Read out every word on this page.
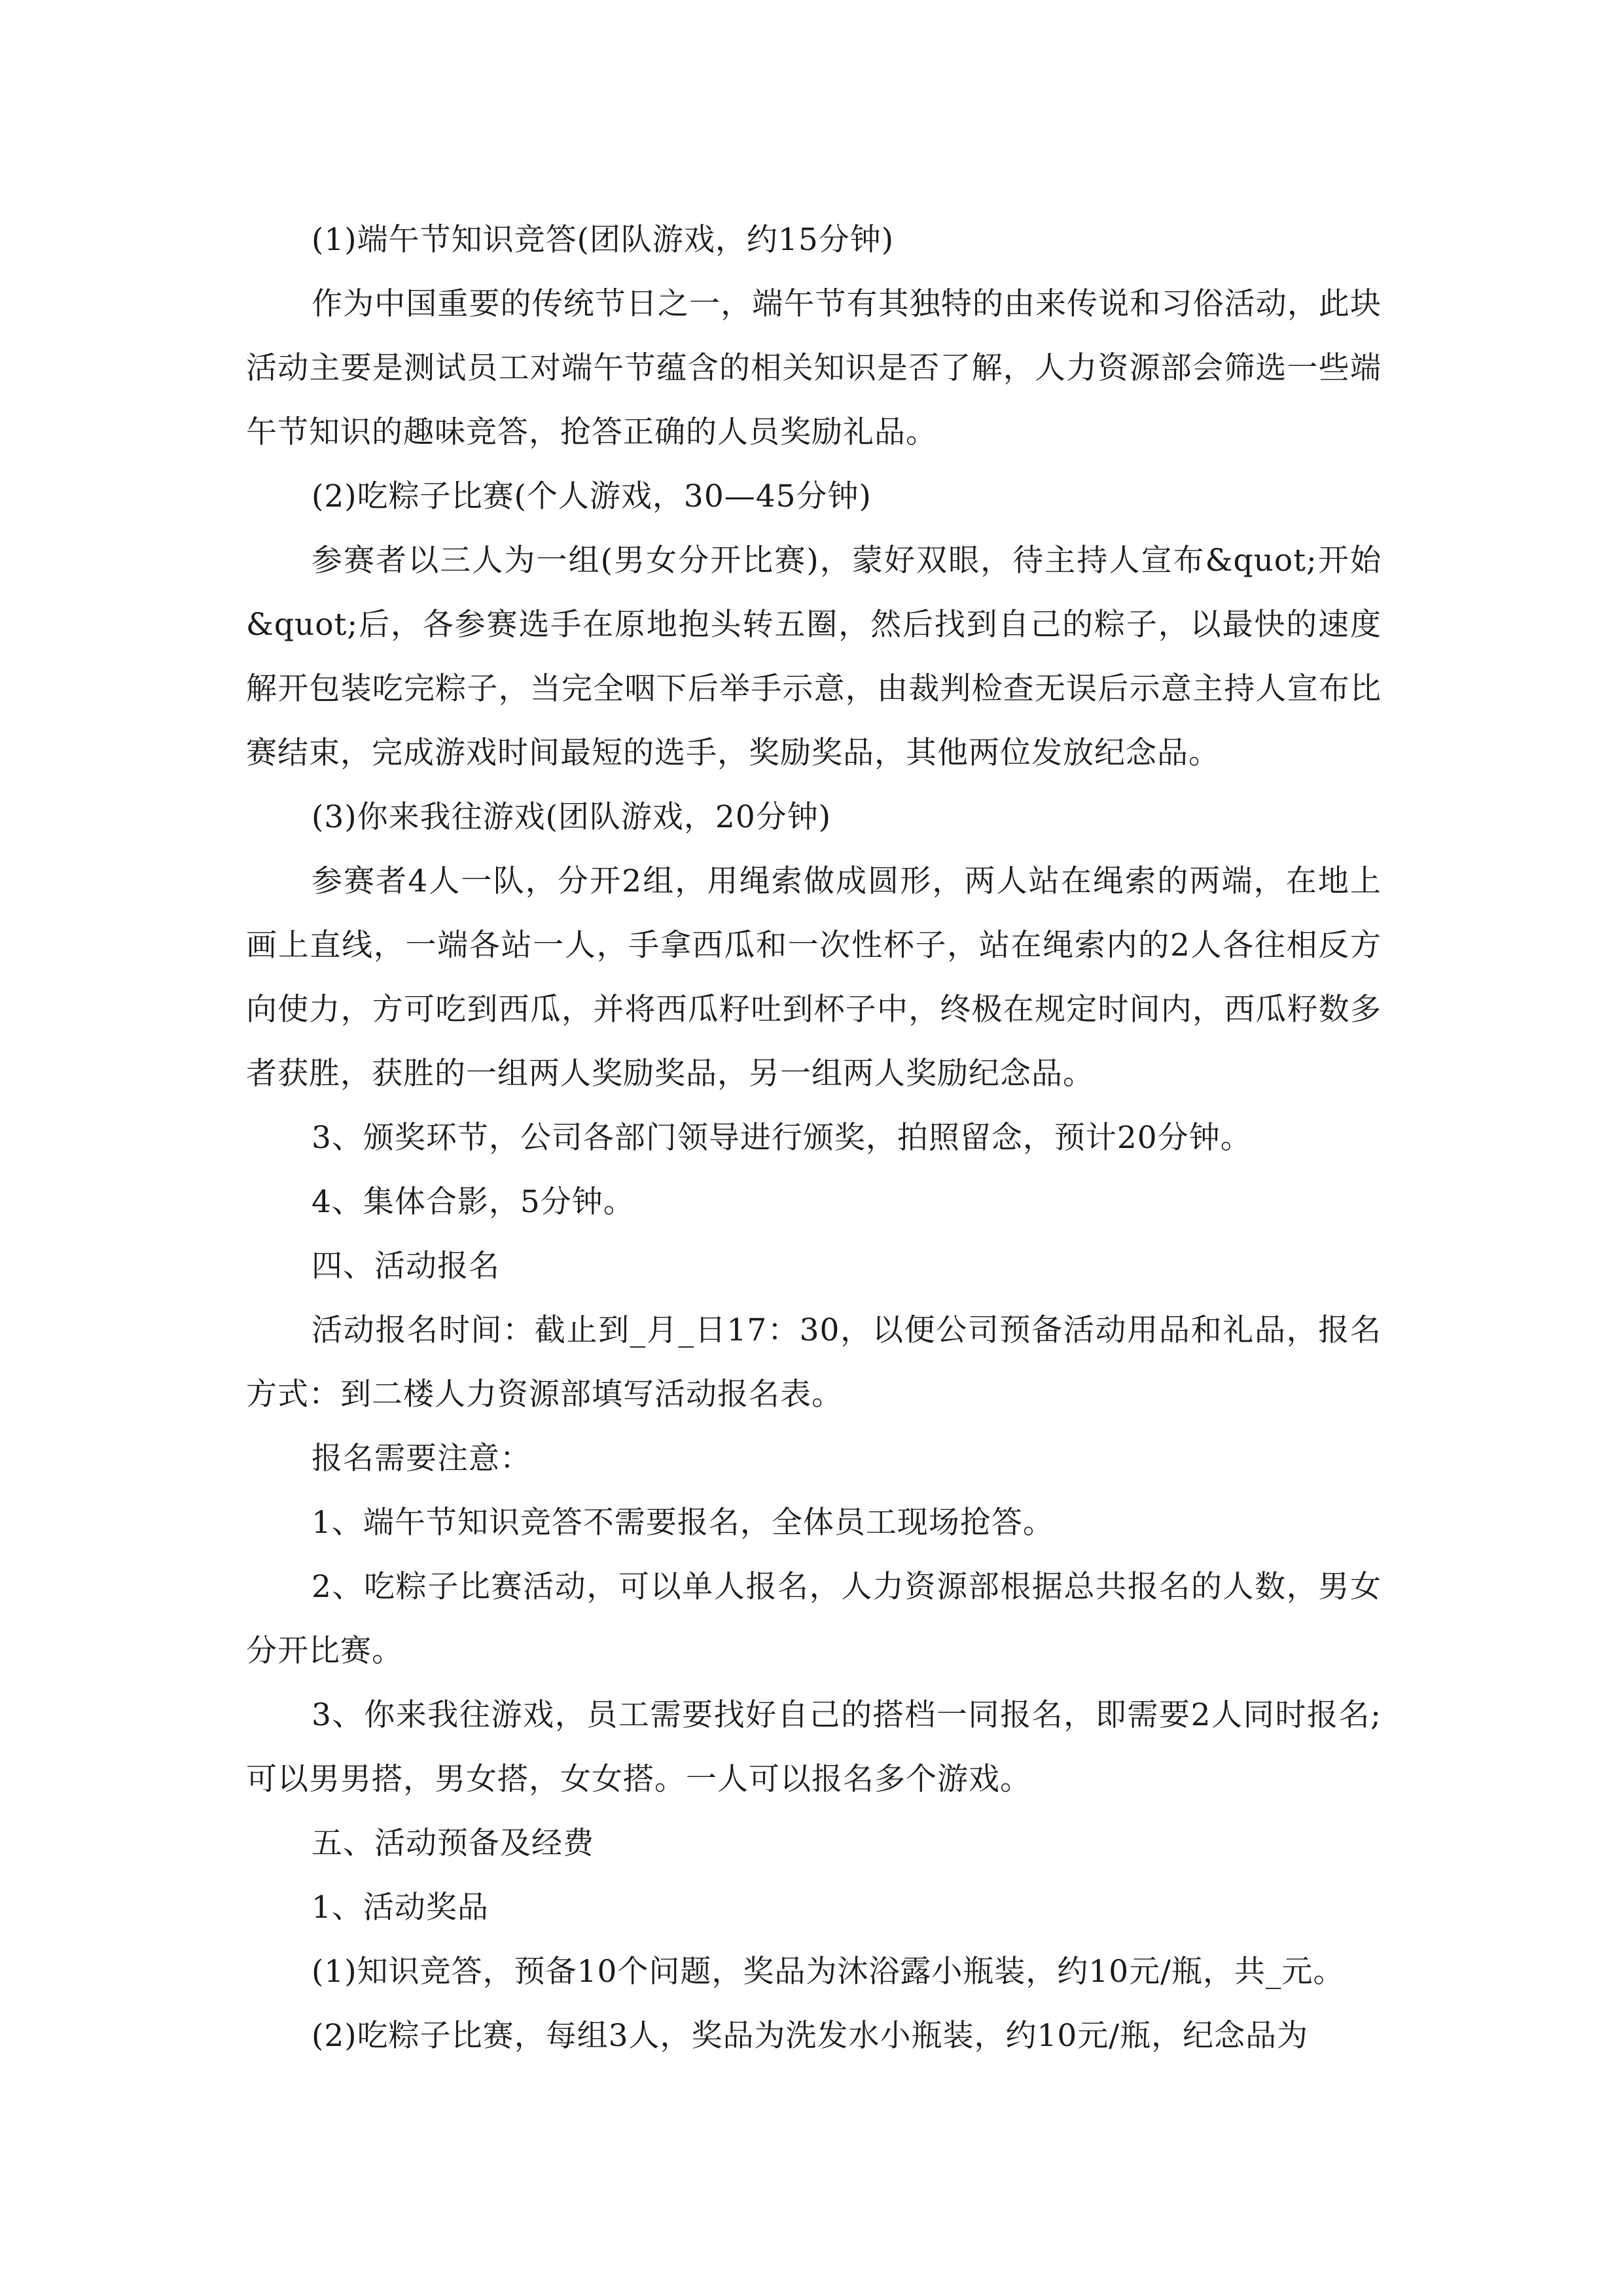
(1)端午节知识竞答(团队游戏，约15分钟)

作为中国重要的传统节日之一，端午节有其独特的由来传说和习俗活动，此块活动主要是测试员工对端午节蕴含的相关知识是否了解，人力资源部会筛选一些端午节知识的趣味竞答，抢答正确的人员奖励礼品。

(2)吃粽子比赛(个人游戏，30—45分钟)

参赛者以三人为一组(男女分开比赛)，蒙好双眼，待主持人宣布&quot;开始&quot;后，各参赛选手在原地抱头转五圈，然后找到自己的粽子，以最快的速度解开包装吃完粽子，当完全咽下后举手示意，由裁判检查无误后示意主持人宣布比赛结束，完成游戏时间最短的选手，奖励奖品，其他两位发放纪念品。

(3)你来我往游戏(团队游戏，20分钟)

参赛者4人一队，分开2组，用绳索做成圆形，两人站在绳索的两端，在地上画上直线，一端各站一人，手拿西瓜和一次性杯子，站在绳索内的2人各往相反方向使力，方可吃到西瓜，并将西瓜籽吐到杯子中，终极在规定时间内，西瓜籽数多者获胜，获胜的一组两人奖励奖品，另一组两人奖励纪念品。

3、颁奖环节，公司各部门领导进行颁奖，拍照留念，预计20分钟。

4、集体合影，5分钟。

四、活动报名

活动报名时间：截止到_月_日17：30，以便公司预备活动用品和礼品，报名方式：到二楼人力资源部填写活动报名表。

报名需要注意：

1、端午节知识竞答不需要报名，全体员工现场抢答。

2、吃粽子比赛活动，可以单人报名，人力资源部根据总共报名的人数，男女分开比赛。

3、你来我往游戏，员工需要找好自己的搭档一同报名，即需要2人同时报名;可以男男搭，男女搭，女女搭。一人可以报名多个游戏。

五、活动预备及经费

1、活动奖品

(1)知识竞答，预备10个问题，奖品为沐浴露小瓶装，约10元/瓶，共_元。

(2)吃粽子比赛，每组3人，奖品为洗发水小瓶装，约10元/瓶，纪念品为
